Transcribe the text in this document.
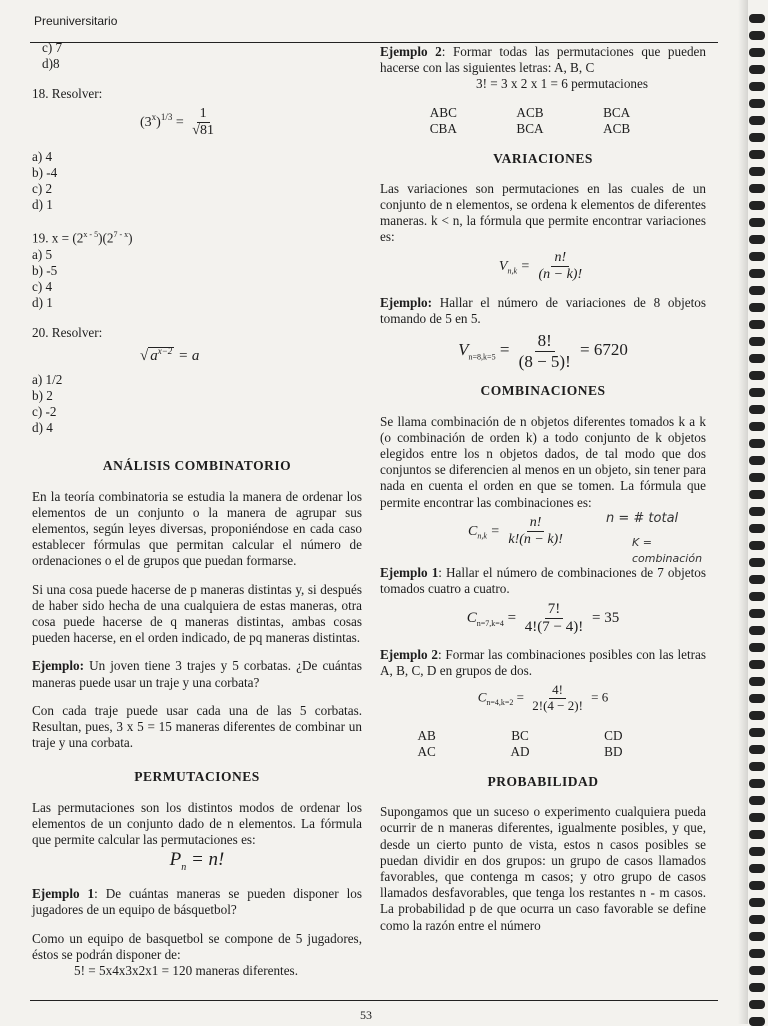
Preuniversitario

c) 7

d)8

18. Resolver:

$(3^x)^{1/3} = \frac{1}{√81}$

a) 4

b) -4

c) 2

d) 1

19. $x = (2^{x - 5})(2^{7 - x})$

a) 5

b) -5

c) 4

d) 1

20. Resolver:

√ $a^{x-2} = a$

a) 1/2

b) 2

c) -2

d) 4

ANÁLISIS COMBINATORIO

En la teoría combinatoria se estudia la manera de ordenar los elementos de un conjunto o la manera de agrupar sus elementos, según leyes diversas, proponiéndose en cada caso establecer fórmulas que permitan calcular el número de ordenaciones o el de grupos que puedan formarse.

Si una cosa puede hacerse de p maneras distintas y, si después de haber sido hecha de una cualquiera de estas maneras, otra cosa puede hacerse de q maneras distintas, ambas cosas pueden hacerse, en el orden indicado, de pq maneras distintas.

Ejemplo: Un joven tiene 3 trajes y 5 corbatas. ¿De cuántas maneras puede usar un traje y una corbata?

Con cada traje puede usar cada una de las 5 corbatas. Resultan, pues, 3 x 5 = 15 maneras diferentes de combinar un traje y una corbata.

PERMUTACIONES

Las permutaciones son los distintos modos de ordenar los elementos de un conjunto dado de n elementos. La fórmula que permite calcular las permutaciones es:

$P_n = n$!

Ejemplo 1: De cuántas maneras se pueden disponer los jugadores de un equipo de básquetbol?

Como un equipo de basquetbol se compone de 5 jugadores, éstos se podrán disponer de:

5! = 5x4x3x2x1 = 120 maneras diferentes.

Ejemplo 2: Formar todas las permutaciones que pueden hacerse con las siguientes letras: A, B, C

3! = 3 x 2 x 1 = 6 permutaciones

ABC	ACB	BCA
CBA	BCA	ACB

VARIACIONES

Las variaciones son permutaciones en las cuales de un conjunto de n elementos, se ordena k elementos de diferentes maneras. k < n, la fórmula que permite encontrar variaciones es:

$V_{n,k} = \frac{n!}{(n - k)!}$

Ejemplo: Hallar el número de variaciones de 8 objetos tomando de 5 en 5.

$V_{n=8,k=5} = \frac{8!}{(8 - 5)!} = 6720$

COMBINACIONES

Se llama combinación de n objetos diferentes tomados k a k (o combinación de orden k) a todo conjunto de k objetos elegidos entre los n objetos dados, de tal modo que dos conjuntos se diferencien al menos en un objeto, sin tener para nada en cuenta el orden en que se tomen. La fórmula que permite encontrar las combinaciones es:

$C_{n,k} = \frac{n!}{k!(n - k)!}$	n = # total
K = combinación

Ejemplo 1: Hallar el número de combinaciones de 7 objetos tomados cuatro a cuatro.

$C_{n=7,k=4} = \frac{7!}{4!(7 - 4)!} = 35$

Ejemplo 2: Formar las combinaciones posibles con las letras A, B, C, D en grupos de dos.

$C_{n=4,k=2} = \frac{4!}{2!(4 - 2)!} = 6$
AB	BC	CD
AC	AD	BD

PROBABILIDAD

Supongamos que un suceso o experimento cualquiera pueda ocurrir de n maneras diferentes, igualmente posibles, y que, desde un cierto punto de vista, estos n casos posibles se puedan dividir en dos grupos: un grupo de casos llamados favorables, que contenga m casos; y otro grupo de casos llamados desfavorables, que tenga los restantes n - m casos. La probabilidad p de que ocurra un caso favorable se define como la razón entre el número

53
